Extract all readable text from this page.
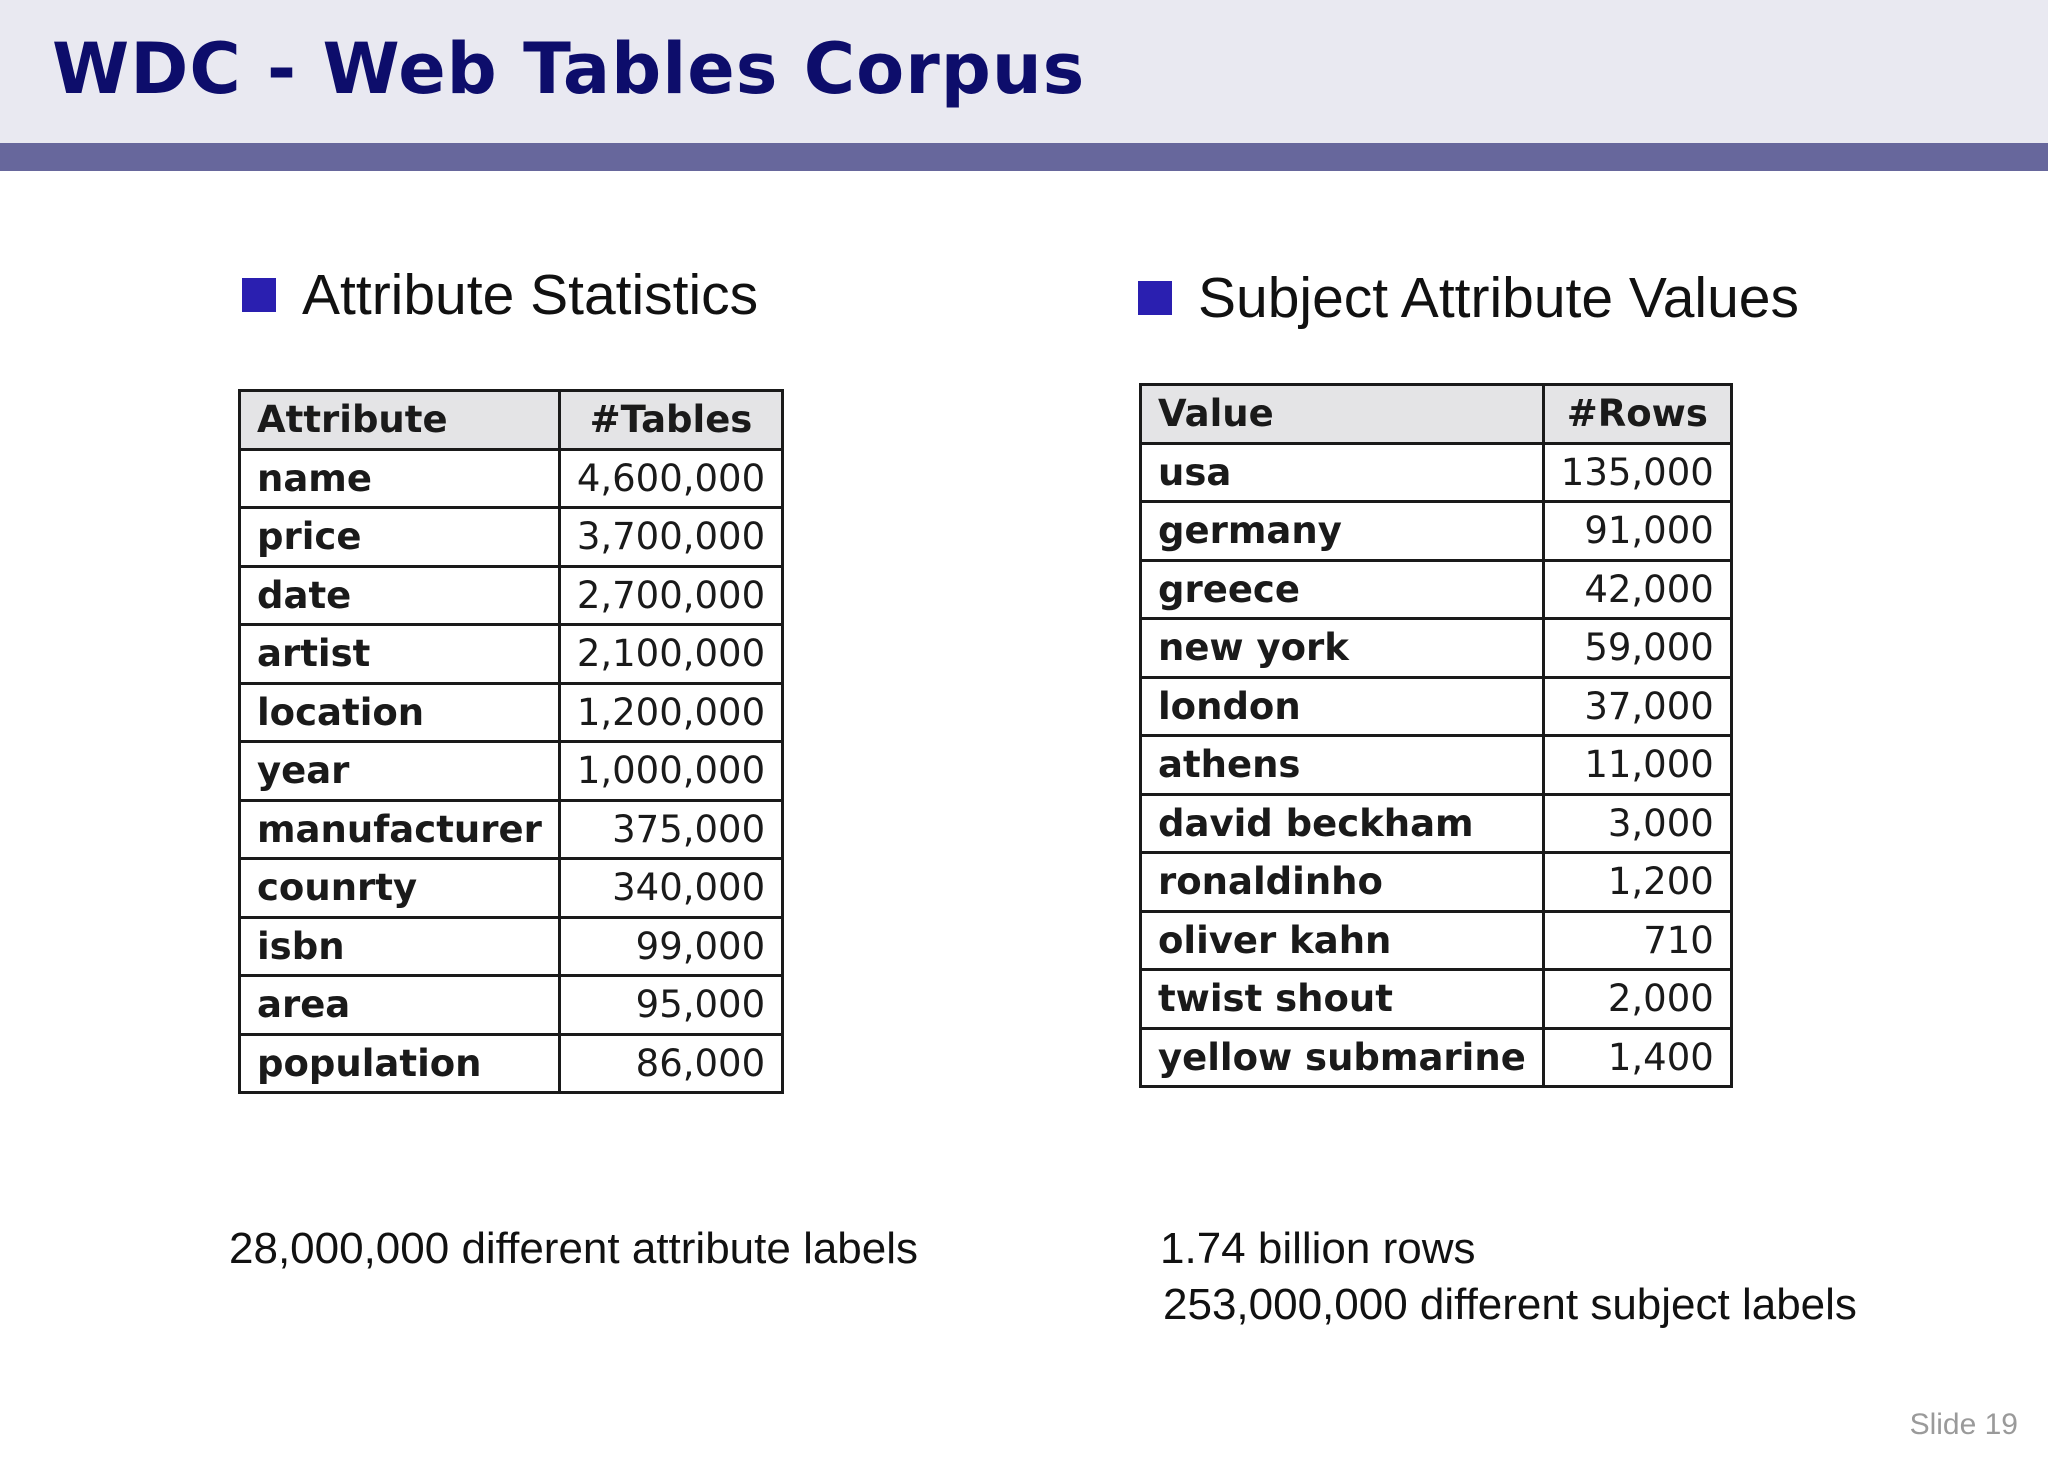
WDC - Web Tables Corpus
Attribute Statistics
Attribute	#Tables
name	4,600,000
price	3,700,000
date	2,700,000
artist	2,100,000
location	1,200,000
year	1,000,000
manufacturer	375,000
counrty	340,000
isbn	99,000
area	95,000
population	86,000
28,000,000 different attribute labels
Subject Attribute Values
Value	#Rows
usa	135,000
germany	91,000
greece	42,000
new york	59,000
london	37,000
athens	11,000
david beckham	3,000
ronaldinho	1,200
oliver kahn	710
twist shout	2,000
yellow submarine	1,400
1.74 billion rows
253,000,000 different subject labels
Slide 19
